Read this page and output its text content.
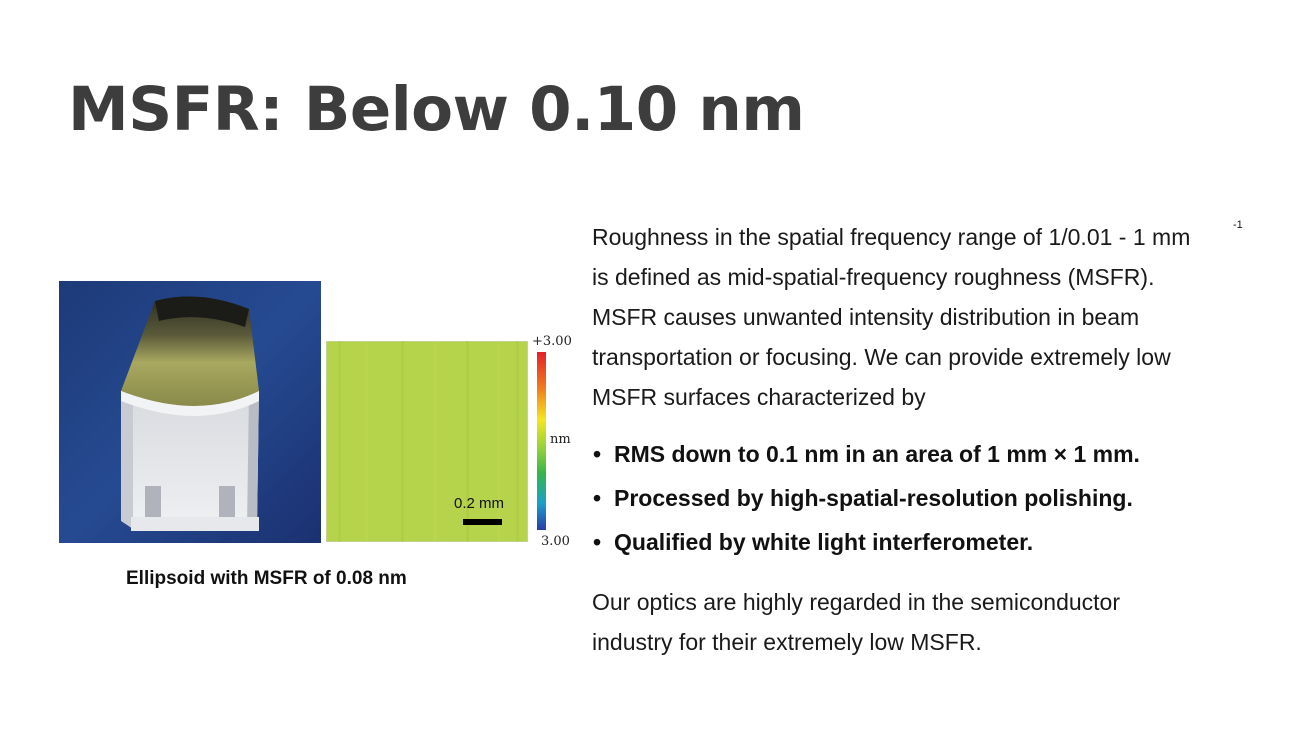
MSFR: Below 0.10 nm
0.2 mm
+3.00
nm
3.00
Ellipsoid with MSFR of 0.08 nm
Roughness in the spatial frequency range of 1/0.01 - 1 mm
is defined as mid-spatial-frequency roughness (MSFR).
MSFR causes unwanted intensity distribution in beam
transportation or focusing. We can provide extremely low
MSFR surfaces characterized by
-1
• RMS down to 0.1 nm in an area of 1 mm × 1 mm.
• Processed by high-spatial-resolution polishing.
• Qualified by white light interferometer.
Our optics are highly regarded in the semiconductor
industry for their extremely low MSFR.
